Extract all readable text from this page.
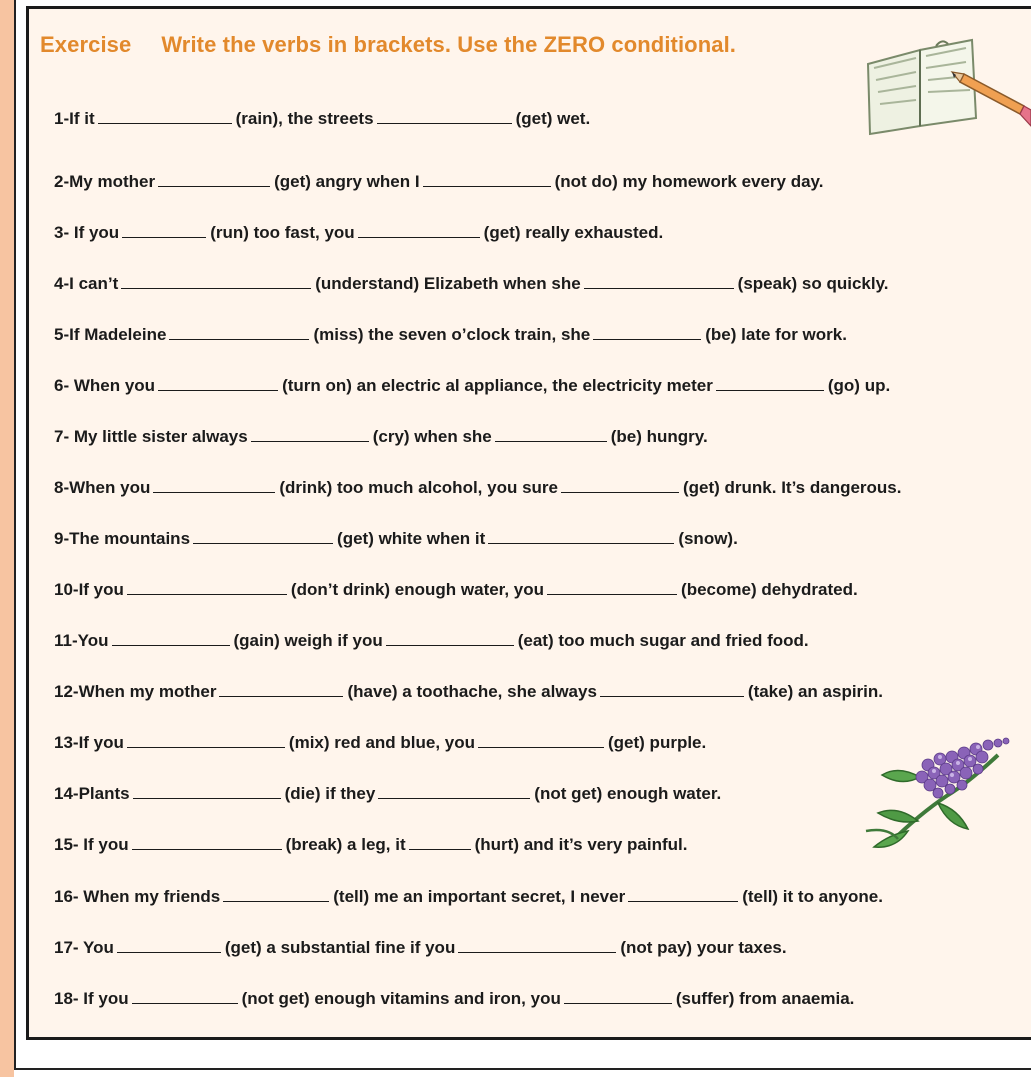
Exercise Write the verbs in brackets. Use the ZERO conditional.
1-If it	(rain), the streets	(get) wet.
2-My mother	(get) angry when I	(not do) my homework every day.
3- If you	(run) too fast, you	(get) really exhausted.
4-I can’t	(understand) Elizabeth when she	(speak) so quickly.
5-If Madeleine	(miss) the seven o’clock train, she	(be) late for work.
6- When you	(turn on) an electric al appliance, the electricity meter	(go) up.
7- My little sister always	(cry) when she	(be) hungry.
8-When you	(drink) too much alcohol, you sure	(get) drunk. It’s dangerous.
9-The mountains	(get) white when it	(snow).
10-If you	(don’t drink) enough water, you	(become) dehydrated.
11-You	(gain) weigh if you	(eat) too much sugar and fried food.
12-When my mother	(have) a toothache, she always	(take) an aspirin.
13-If you	(mix) red and blue, you	(get) purple.
14-Plants	(die) if they	(not get) enough water.
15- If you	(break) a leg, it	(hurt) and it’s very painful.
16- When my friends	(tell) me an important secret, I never	(tell) it to anyone.
17- You	(get) a substantial fine if you	(not pay) your taxes.
18- If you	(not get) enough vitamins and iron, you	(suffer) from anaemia.
